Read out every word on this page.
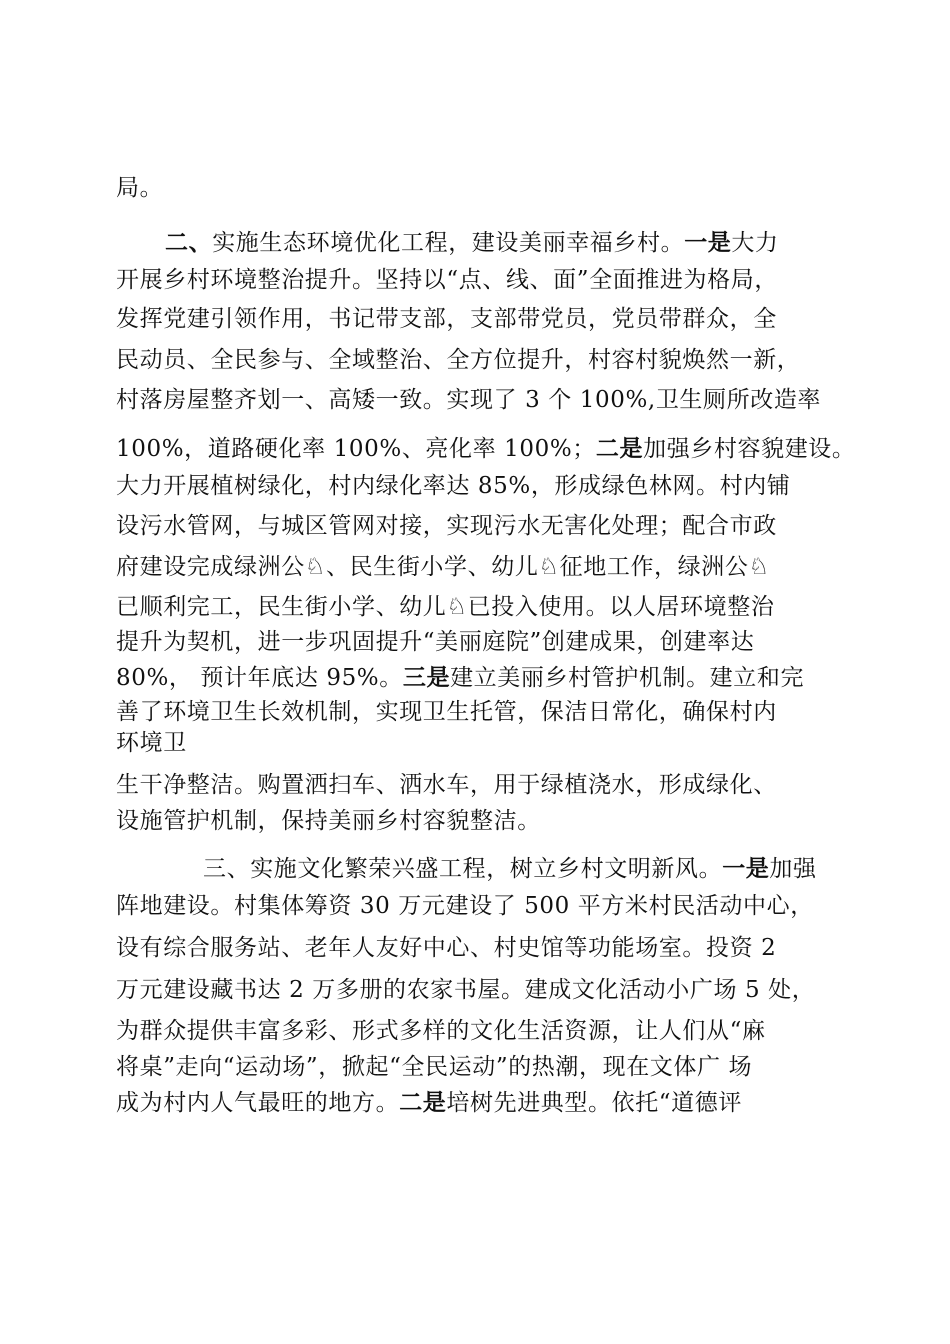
局。
二、实施生态环境优化工程，建设美丽幸福乡村。一是大力
开展乡村环境整治提升。坚持以“点、线、面”全面推进为格局，
发挥党建引领作用，书记带支部，支部带党员，党员带群众，全
民动员、全民参与、全域整治、全方位提升，村容村貌焕然一新，
村落房屋整齐划一、高矮一致。实现了 3 个 100%,卫生厕所改造率
100%，道路硬化率 100%、亮化率 100%；二是加强乡村容貌建设。
大力开展植树绿化，村内绿化率达 85%，形成绿色林网。村内铺
设污水管网，与城区管网对接，实现污水无害化处理；配合市政
府建设完成绿洲公♘、民生街小学、幼儿♘征地工作，绿洲公♘
已顺利完工，民生街小学、幼儿♘已投入使用。以人居环境整治
提升为契机，进一步巩固提升“美丽庭院”创建成果，创建率达
80%， 预计年底达 95%。三是建立美丽乡村管护机制。建立和完
善了环境卫生长效机制，实现卫生托管，保洁日常化，确保村内
环境卫
生干净整洁。购置洒扫车、洒水车，用于绿植浇水，形成绿化、
设施管护机制，保持美丽乡村容貌整洁。
三、实施文化繁荣兴盛工程，树立乡村文明新风。一是加强
阵地建设。村集体筹资 30 万元建设了 500 平方米村民活动中心，
设有综合服务站、老年人友好中心、村史馆等功能场室。投资 2
万元建设藏书达 2 万多册的农家书屋。建成文化活动小广场 5 处，
为群众提供丰富多彩、形式多样的文化生活资源，让人们从“麻
将桌”走向“运动场”，掀起“全民运动”的热潮，现在文体广 场
成为村内人气最旺的地方。二是培树先进典型。依托“道德评
